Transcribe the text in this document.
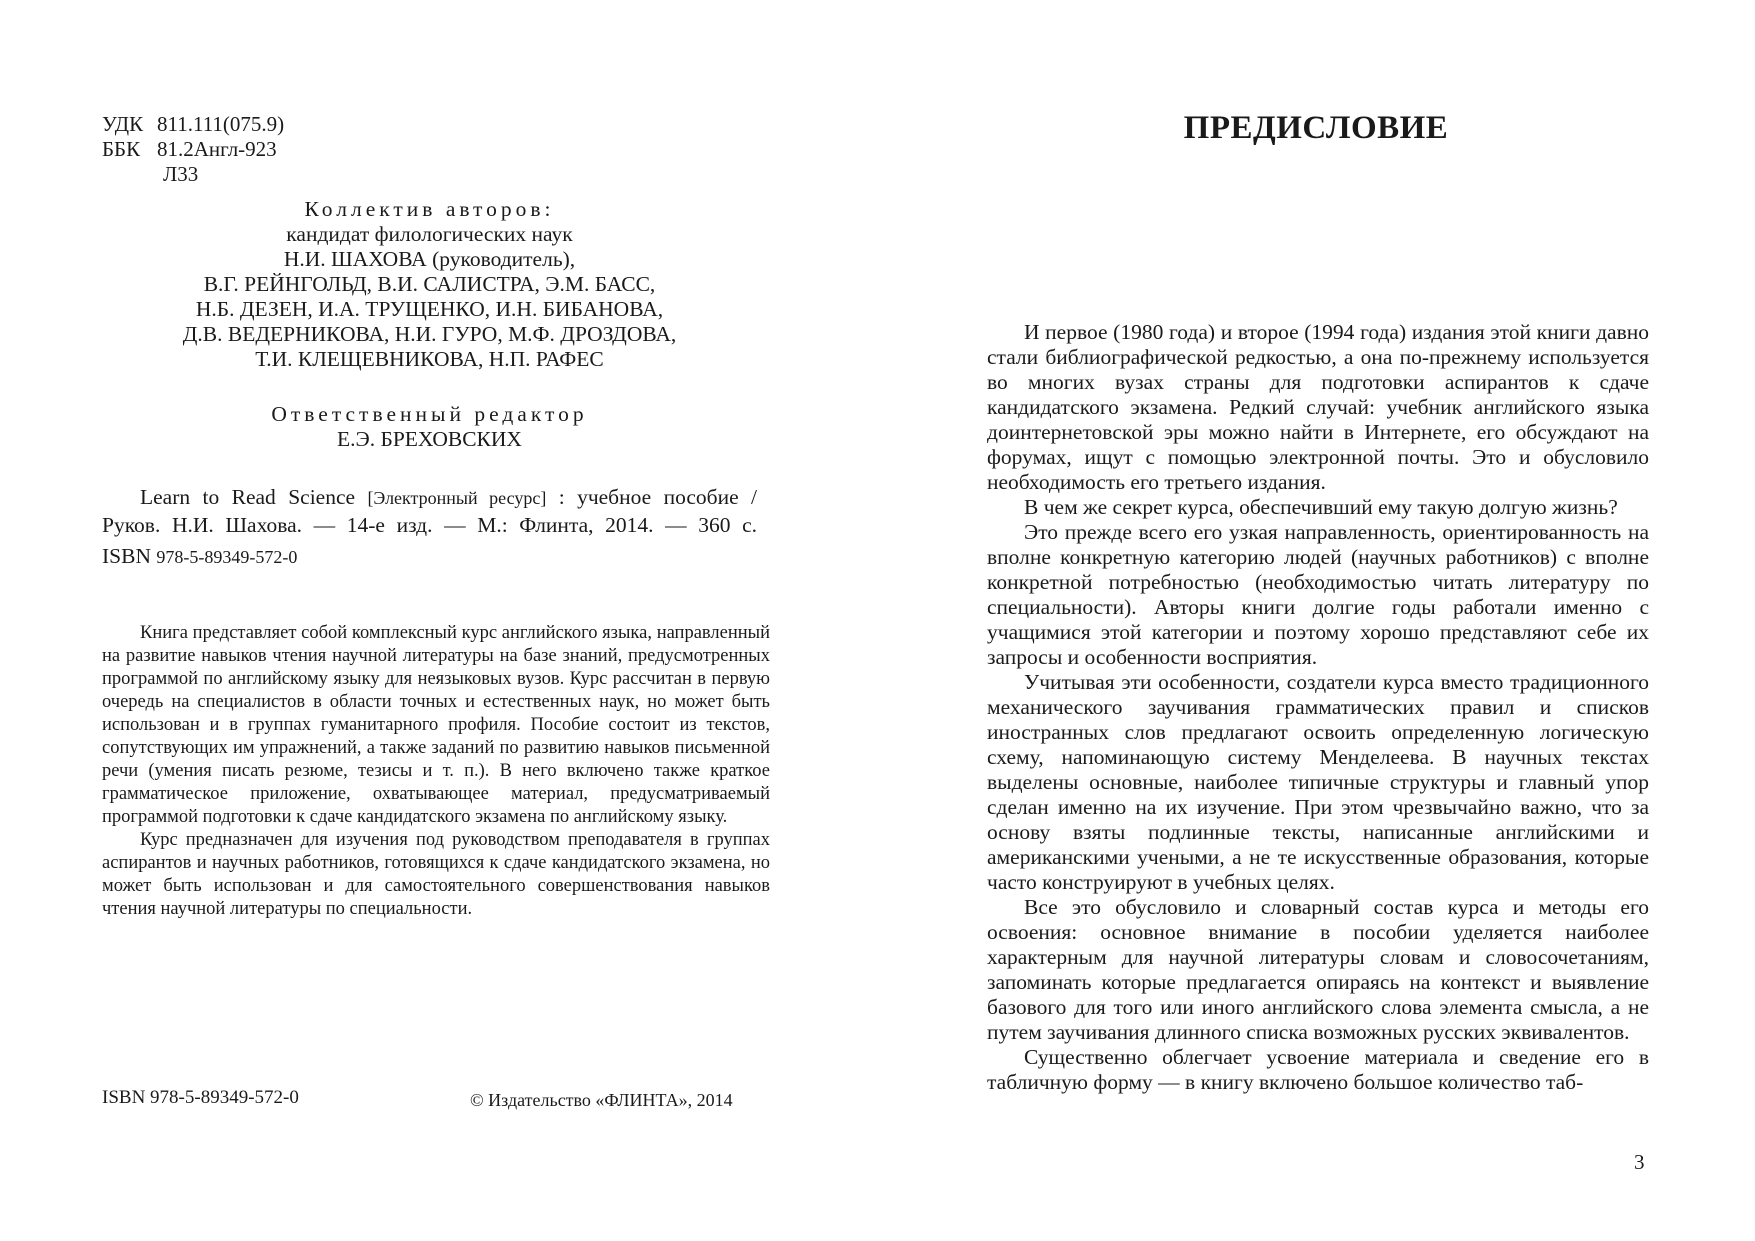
УДК 811.111(075.9)
ББК 81.2Англ-923
Л33
Коллектив авторов:
кандидат филологических наук
Н.И. ШАХОВА (руководитель),
В.Г. РЕЙНГОЛЬД, В.И. САЛИСТРА, Э.М. БАСС,
Н.Б. ДЕЗЕН, И.А. ТРУЩЕНКО, И.Н. БИБАНОВА,
Д.В. ВЕДЕРНИКОВА, Н.И. ГУРО, М.Ф. ДРОЗДОВА,
Т.И. КЛЕЩЕВНИКОВА, Н.П. РАФЕС
Ответственный редактор
Е.Э. БРЕХОВСКИХ
Learn to Read Science [Электронный ресурс] : учебное пособие /
Руков. Н.И. Шахова. — 14-е изд. — М.: Флинта, 2014. — 360 с.
ISBN 978-5-89349-572-0

Книга представляет собой комплексный курс английского языка, направленный на развитие навыков чтения научной литературы на базе знаний, предусмотренных программой по английскому языку для неязыковых вузов. Курс рассчитан в первую очередь на специалистов в области точных и естественных наук, но может быть использован и в группах гуманитарного профиля. Пособие состоит из текстов, сопутствующих им упражнений, а также заданий по развитию навыков письменной речи (умения писать резюме, тезисы и т. п.). В него включено также краткое грамматическое приложение, охватывающее материал, предусматриваемый программой подготовки к сдаче кандидатского экзамена по английскому языку.

Курс предназначен для изучения под руководством преподавателя в группах аспирантов и научных работников, готовящихся к сдаче кандидатского экзамена, но может быть использован и для самостоятельного совершенствования навыков чтения научной литературы по специальности.

ISBN 978-5-89349-572-0	© Издательство «ФЛИНТА», 2014
ПРЕДИСЛОВИЕ

И первое (1980 года) и второе (1994 года) издания этой книги давно стали библиографической редкостью, а она по-прежнему используется во многих вузах страны для подготовки аспирантов к сдаче кандидатского экзамена. Редкий случай: учебник английского языка доинтернетовской эры можно найти в Интернете, его обсуждают на форумах, ищут с помощью электронной почты. Это и обусловило необходимость его третьего издания.

В чем же секрет курса, обеспечивший ему такую долгую жизнь?

Это прежде всего его узкая направленность, ориентированность на вполне конкретную категорию людей (научных работников) с вполне конкретной потребностью (необходимостью читать литературу по специальности). Авторы книги долгие годы работали именно с учащимися этой категории и поэтому хорошо представляют себе их запросы и особенности восприятия.

Учитывая эти особенности, создатели курса вместо традиционного механического заучивания грамматических правил и списков иностранных слов предлагают освоить определенную логическую схему, напоминающую систему Менделеева. В научных текстах выделены основные, наиболее типичные структуры и главный упор сделан именно на их изучение. При этом чрезвычайно важно, что за основу взяты подлинные тексты, написанные английскими и американскими учеными, а не те искусственные образования, которые часто конструируют в учебных целях.

Все это обусловило и словарный состав курса и методы его освоения: основное внимание в пособии уделяется наиболее характерным для научной литературы словам и словосочетаниям, запоминать которые предлагается опираясь на контекст и выявление базового для того или иного английского слова элемента смысла, а не путем заучивания длинного списка возможных русских эквивалентов.

Существенно облегчает усвоение материала и сведение его в табличную форму — в книгу включено большое количество таб-

3
